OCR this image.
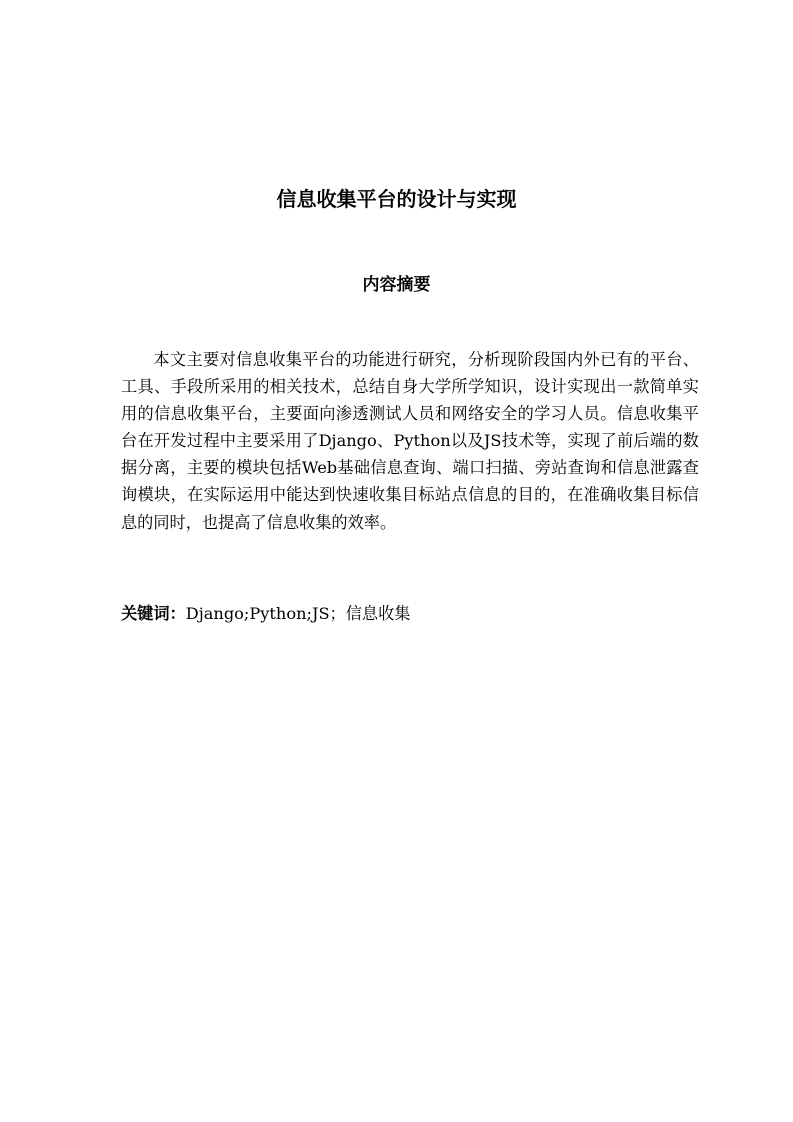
信息收集平台的设计与实现
内容摘要

本文主要对信息收集平台的功能进行研究，分析现阶段国内外已有的平台、工具、手段所采用的相关技术，总结自身大学所学知识，设计实现出一款简单实用的信息收集平台，主要面向渗透测试人员和网络安全的学习人员。信息收集平台在开发过程中主要采用了Django、Python以及JS技术等，实现了前后端的数据分离，主要的模块包括Web基础信息查询、端口扫描、旁站查询和信息泄露查询模块，在实际运用中能达到快速收集目标站点信息的目的，在准确收集目标信息的同时，也提高了信息收集的效率。

关键词：Django;Python;JS；信息收集
